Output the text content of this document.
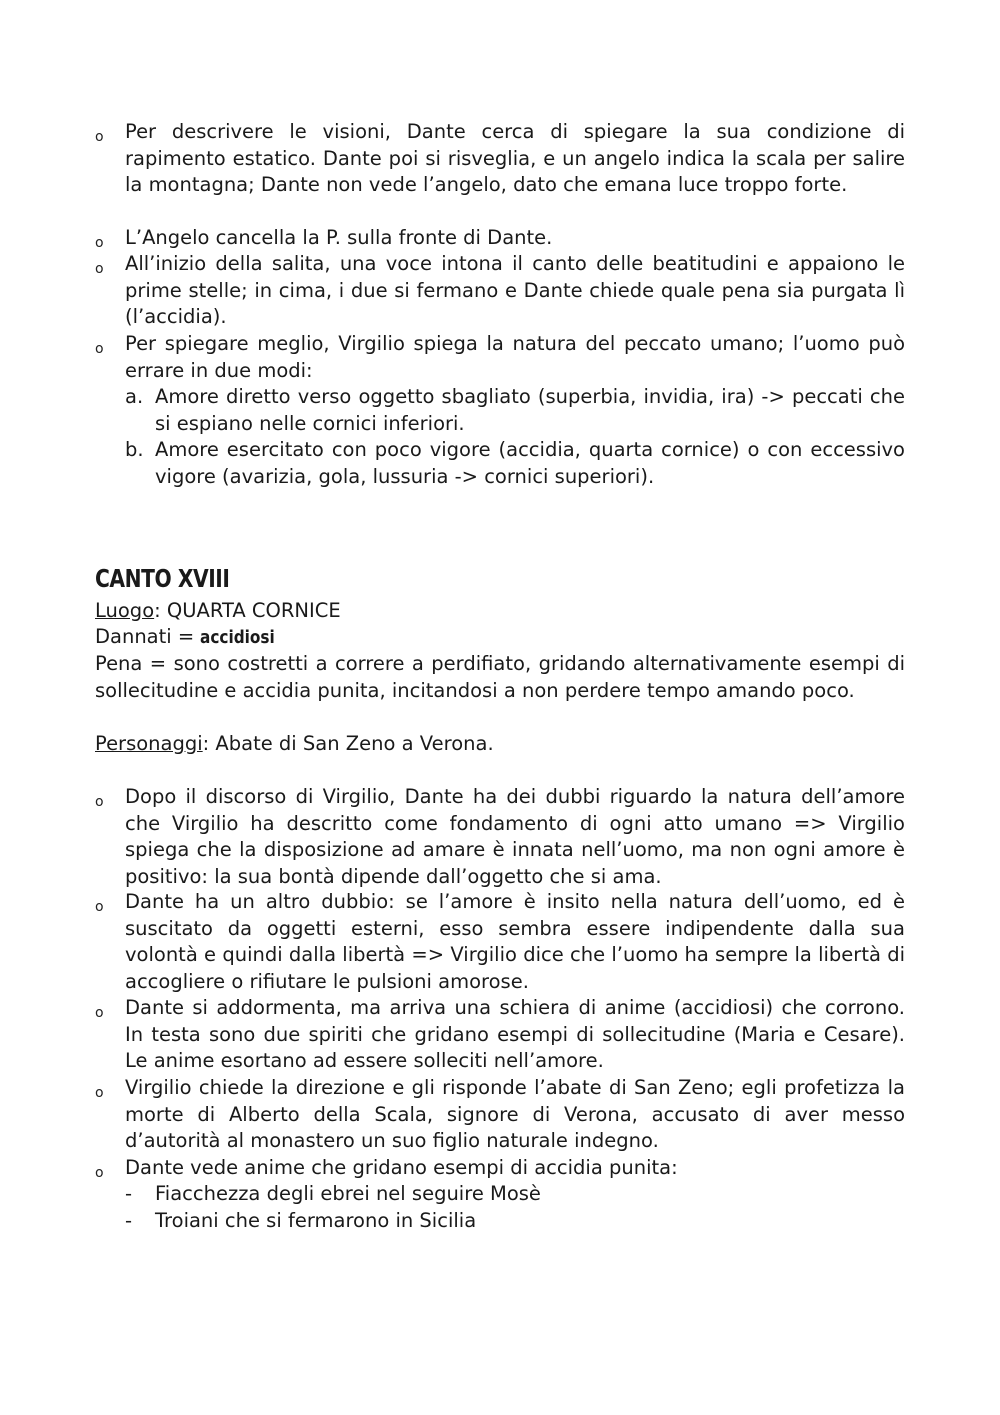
o Per descrivere le visioni, Dante cerca di spiegare la sua condizione di rapimento estatico. Dante poi si risveglia, e un angelo indica la scala per salire la montagna; Dante non vede l’angelo, dato che emana luce troppo forte.
o L’Angelo cancella la P. sulla fronte di Dante.
o All’inizio della salita, una voce intona il canto delle beatitudini e appaiono le prime stelle; in cima, i due si fermano e Dante chiede quale pena sia purgata lì (l’accidia).
o Per spiegare meglio, Virgilio spiega la natura del peccato umano; l’uomo può errare in due modi:
a. Amore diretto verso oggetto sbagliato (superbia, invidia, ira) -> peccati che si espiano nelle cornici inferiori.
b. Amore esercitato con poco vigore (accidia, quarta cornice) o con eccessivo vigore (avarizia, gola, lussuria -> cornici superiori).
CANTO XVIII
Luogo: QUARTA CORNICE
Dannati = accidiosi
Pena = sono costretti a correre a perdifiato, gridando alternativamente esempi di sollecitudine e accidia punita, incitandosi a non perdere tempo amando poco.
Personaggi: Abate di San Zeno a Verona.
o Dopo il discorso di Virgilio, Dante ha dei dubbi riguardo la natura dell’amore che Virgilio ha descritto come fondamento di ogni atto umano => Virgilio spiega che la disposizione ad amare è innata nell’uomo, ma non ogni amore è positivo: la sua bontà dipende dall’oggetto che si ama.
o Dante ha un altro dubbio: se l’amore è insito nella natura dell’uomo, ed è suscitato da oggetti esterni, esso sembra essere indipendente dalla sua volontà e quindi dalla libertà => Virgilio dice che l’uomo ha sempre la libertà di accogliere o rifiutare le pulsioni amorose.
o Dante si addormenta, ma arriva una schiera di anime (accidiosi) che corrono. In testa sono due spiriti che gridano esempi di sollecitudine (Maria e Cesare). Le anime esortano ad essere solleciti nell’amore.
o Virgilio chiede la direzione e gli risponde l’abate di San Zeno; egli profetizza la morte di Alberto della Scala, signore di Verona, accusato di aver messo d’autorità al monastero un suo figlio naturale indegno.
o Dante vede anime che gridano esempi di accidia punita:
- Fiacchezza degli ebrei nel seguire Mosè
- Troiani che si fermarono in Sicilia
